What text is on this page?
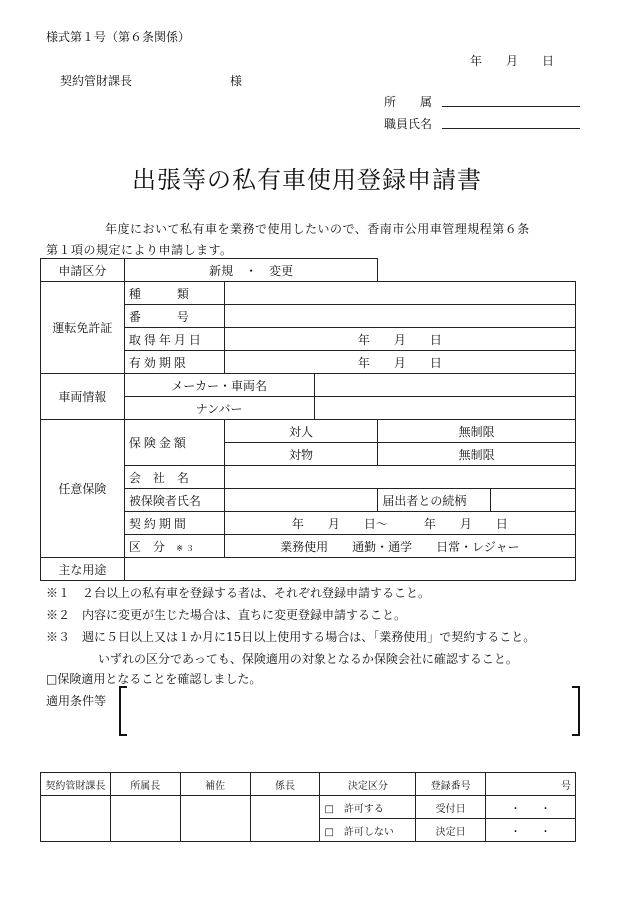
様式第１号（第６条関係）
年　　月　　日
契約管財課長	様
所　　属
職員氏名
出張等の私有車使用登録申請書
年度において私有車を業務で使用したいので、香南市公用車管理規程第６条
第１項の規定により申請します。
申請区分	新規　・　変更				
運転免許証	種　　　類				
	番　　　号				
	取得年月日	年　　月　　日			
	有効期限	年　　月　　日			
車両情報	メーカー・車両名				
	ナンバー				
任意保険	保険金額	対人		無制限	
		対物		無制限	
	会　社　名				
	被保険者氏名			届出者との続柄	
	契約期間	年　　月　　日～　　　年　　月　　日			
	区　分 ※３	業務使用　　通勤・通学　　日常・レジャー			
主な用途					
※１　２台以上の私有車を登録する者は、それぞれ登録申請すること。
※２　内容に変更が生じた場合は、直ちに変更登録申請すること。
※３　週に５日以上又は１か月に15日以上使用する場合は、「業務使用」で契約すること。
いずれの区分であっても、保険適用の対象となるか保険会社に確認すること。
□保険適用となることを確認しました。
適用条件等
契約管財課長	所属長	補佐	係長	決定区分	登録番号	号
				□　許可する	受付日	・　　・
				□　許可しない	決定日	・　　・
